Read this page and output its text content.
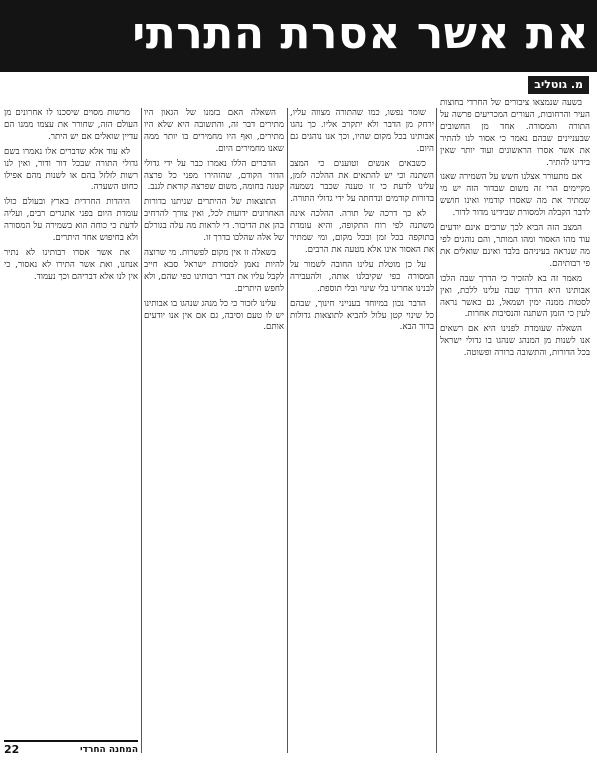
את אשר אסרת התרתי
מ. גוטליב

בשעה שנמצאו ציבורים של החרדי בחוצות העיר והרחובות, העורים המכריעים פרשה על התורה והמסורה. אחד מן החשובים שבעניינים שבהם נאמר כי אסור לנו להתיר את אשר אסרו הראשונים ועוד יותר שאין בידינו להתיר.

אם מתעורר אצלנו חשש על השמירה שאנו מקיימים הרי זה משום שבדור הזה יש מי שמתיר את מה שאסרו קודמיו ואינו חושש לדבר הקבלה ולמסורת שבידינו מדור לדור.

המצב הזה הביא לכך שרבים אינם יודעים עוד מהו האסור ומהו המותר, והם נוהגים לפי מה שנראה בעיניהם בלבד ואינם שואלים את פי רבותיהם.

מאמר זה בא להזכיר כי הדרך שבה הלכו אבותינו היא הדרך שבה עלינו ללכת, ואין לסטות ממנה ימין ושמאל, גם כאשר נראה לעין כי הזמן השתנה והנסיבות אחרות.

השאלה שעומדת לפנינו היא אם רשאים אנו לשנות מן המנהג שנהגו בו גדולי ישראל בכל הדורות, והתשובה ברורה ופשוטה.

שומר נפשו, כמו שהתורה מצווה עליו, ירחק מן הדבר ולא יתקרב אליו. כך נהגו אבותינו בכל מקום שהיו, וכך אנו נוהגים גם היום.

כשבאים אנשים וטוענים כי המצב השתנה וכי יש להתאים את ההלכה לזמן, עלינו לדעת כי זו טענה שכבר נשמעה בדורות קודמים ונדחתה על ידי גדולי התורה.

לא כך דרכה של תורה. ההלכה אינה משתנה לפי רוח התקופה, והיא עומדת בתוקפה בכל זמן ובכל מקום, ומי שמתיר את האסור אינו אלא מטעה את הרבים.

על כן מוטלת עלינו החובה לשמור על המסורה כפי שקיבלנו אותה, ולהעבירה לבנינו אחרינו בלי שינוי ובלי תוספת.

הדבר נכון במיוחד בענייני חינוך, שבהם כל שינוי קטן עלול להביא לתוצאות גדולות בדור הבא.

השאלה האם בזמנו של הגאון היו מתירים דבר זה, והתשובה היא שלא היו מתירים, ואף היו מחמירים בו יותר ממה שאנו מחמירים היום.

הדברים הללו נאמרו כבר על ידי גדולי הדור הקודם, שהזהירו מפני כל פרצה קטנה בחומה, משום שפרצה קוראת לגנב.

התוצאות של ההיתרים שניתנו בדורות האחרונים ידועות לכל, ואין צורך להרחיב בהן את הדיבור. די לראות מה עלה בגורלם של אלה שהלכו בדרך זו.

בשאלה זו אין מקום לפשרות. מי שרוצה להיות נאמן למסורת ישראל סבא חייב לקבל עליו את דברי רבותינו כפי שהם, ולא לחפש היתרים.

עלינו לזכור כי כל מנהג שנהגו בו אבותינו יש לו טעם וסיבה, גם אם אין אנו יודעים אותם.

מרשות מסוים שיסכנו לו אחרונים מן העולם הזה, שחורר את עצמו ממנו הם עדיין שואלים אם יש היתר.

לא עוד אלא שדברים אלו נאמרו בשם גדולי התורה שבכל דור ודור, ואין לנו רשות לזלזל בהם או לשנות מהם אפילו כחוט השערה.

היהדות החרדית בארץ ובעולם כולו עומדת היום בפני אתגרים רבים, ועליה לדעת כי כוחה הוא בשמירה על המסורה ולא בחיפוש אחר היתרים.

את אשר אסרו רבותינו לא נתיר אנחנו, ואת אשר התירו לא נאסור, כי אין לנו אלא דבריהם וכך נעמוד.

22	המחנה החרדי
